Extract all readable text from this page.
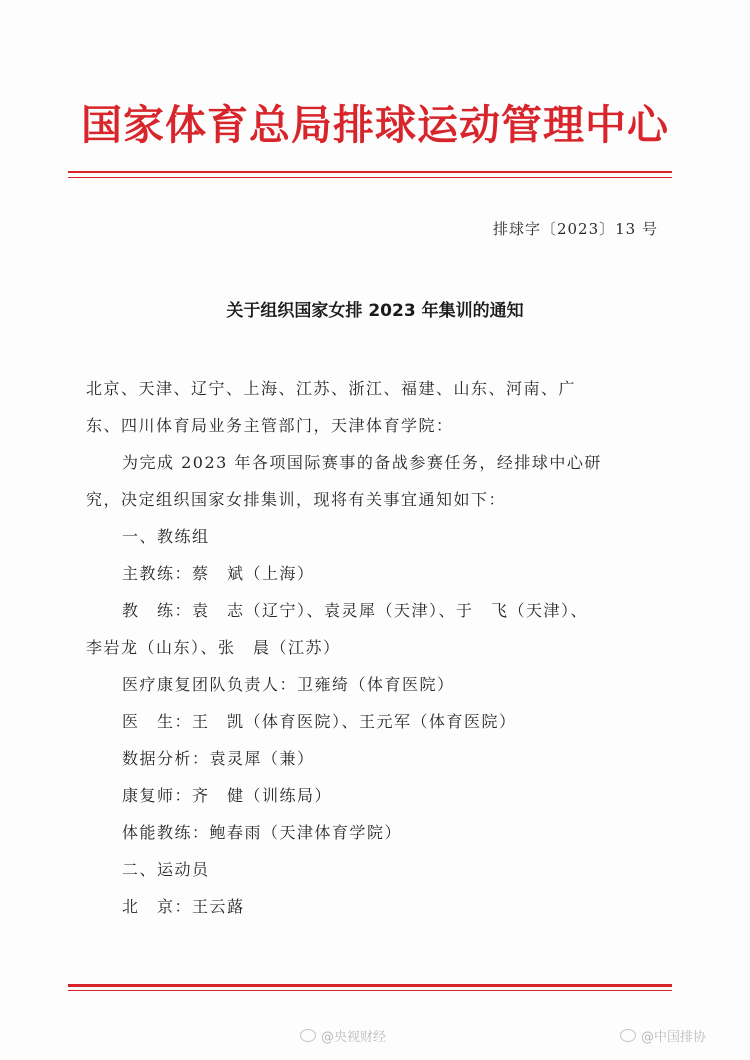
国家体育总局排球运动管理中心
排球字〔2023〕13 号
关于组织国家女排 2023 年集训的通知
北京、天津、辽宁、上海、江苏、浙江、福建、山东、河南、广
东、四川体育局业务主管部门，天津体育学院：
为完成 2023 年各项国际赛事的备战参赛任务，经排球中心研
究，决定组织国家女排集训，现将有关事宜通知如下：
一、教练组
主教练：蔡　斌（上海）
教　练：袁　志（辽宁）、袁灵犀（天津）、于　飞（天津）、
李岩龙（山东）、张　晨（江苏）
医疗康复团队负责人：卫雍绮（体育医院）
医　生：王　凯（体育医院）、王元军（体育医院）
数据分析：袁灵犀（兼）
康复师：齐　健（训练局）
体能教练：鲍春雨（天津体育学院）
二、运动员
北　京：王云蕗
@央视财经	@中国排协
